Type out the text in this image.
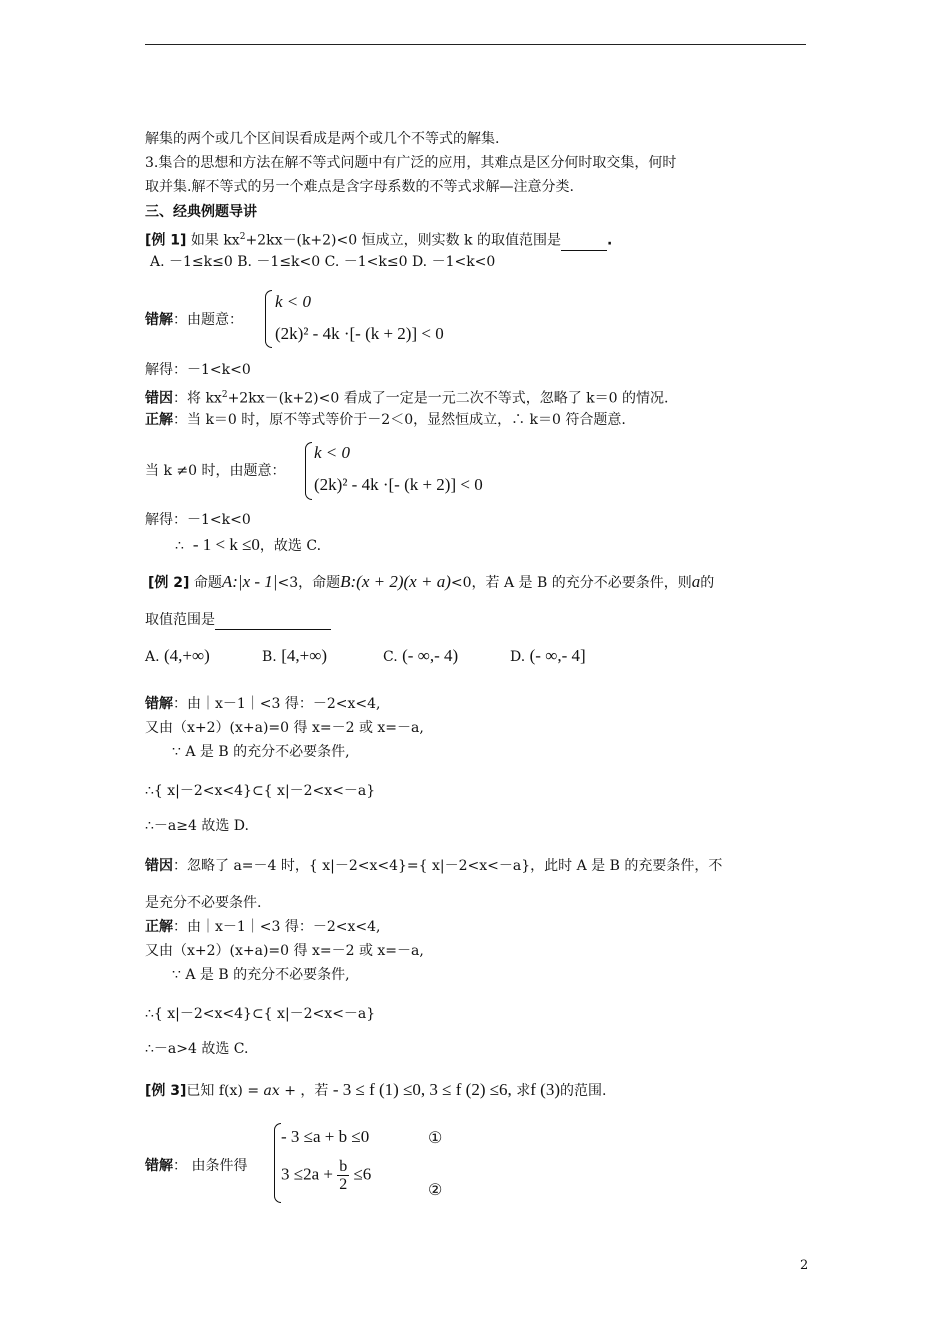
解集的两个或几个区间误看成是两个或几个不等式的解集.
3.集合的思想和方法在解不等式问题中有广泛的应用，其难点是区分何时取交集，何时
取并集.解不等式的另一个难点是含字母系数的不等式求解—注意分类.
三、经典例题导讲
[例 1] 如果 $kx^2+2kx-(k+2)<0$ 恒成立，则实数 k 的取值范围是	.
A. －1≤k≤0 B. －1≤k<0 C. －1<k≤0 D. －1<k<0
错解：由题意：
k < 0
(2k)² - 4k ·[- (k + 2)] < 0
解得：－1<k<0
错因：将 $kx^2+2kx-(k+2)<0$ 看成了一定是一元二次不等式，忽略了 k＝0 的情况.
正解：当 k＝0 时，原不等式等价于－2＜0，显然恒成立，∴ k＝0 符合题意.
当 k ≠0 时，由题意：
k < 0
(2k)² - 4k ·[- (k + 2)] < 0
解得：－1<k<0
∴ - 1 < k ≤0，故选 C.
[例 2] 命题A:|x - 1|<3，命题B:(x + 2)(x + a)<0，若 A 是 B 的充分不必要条件，则a的
取值范围是
A. (4,+∞)	B. [4,+∞)	C. (- ∞,- 4)	D. (- ∞,- 4]
错解：由｜x－1｜<3 得：－2<x<4,
又由（x+2）(x+a)=0 得 x=－2 或 x=－a,
∵ A 是 B 的充分不必要条件,
∴{ x|－2<x<4}⊂{ x|－2<x<－a}
∴－a≥4 故选 D.
错因：忽略了 a=－4 时，{ x|－2<x<4}={ x|－2<x<－a}，此时 A 是 B 的充要条件，不
是充分不必要条件.
正解：由｜x－1｜<3 得：－2<x<4,
又由（x+2）(x+a)=0 得 x=－2 或 x=－a,
∵ A 是 B 的充分不必要条件,
∴{ x|－2<x<4}⊂{ x|－2<x<－a}
∴－a>4 故选 C.
[例 3]已知 f(x) = ax + ，若 - 3 ≤ f (1) ≤0, 3 ≤ f (2) ≤6, 求f (3)的范围.
错解： 由条件得
- 3 ≤a + b ≤0
$3 \le 2a + \frac{b}{2} \le 6$
①
②
2
